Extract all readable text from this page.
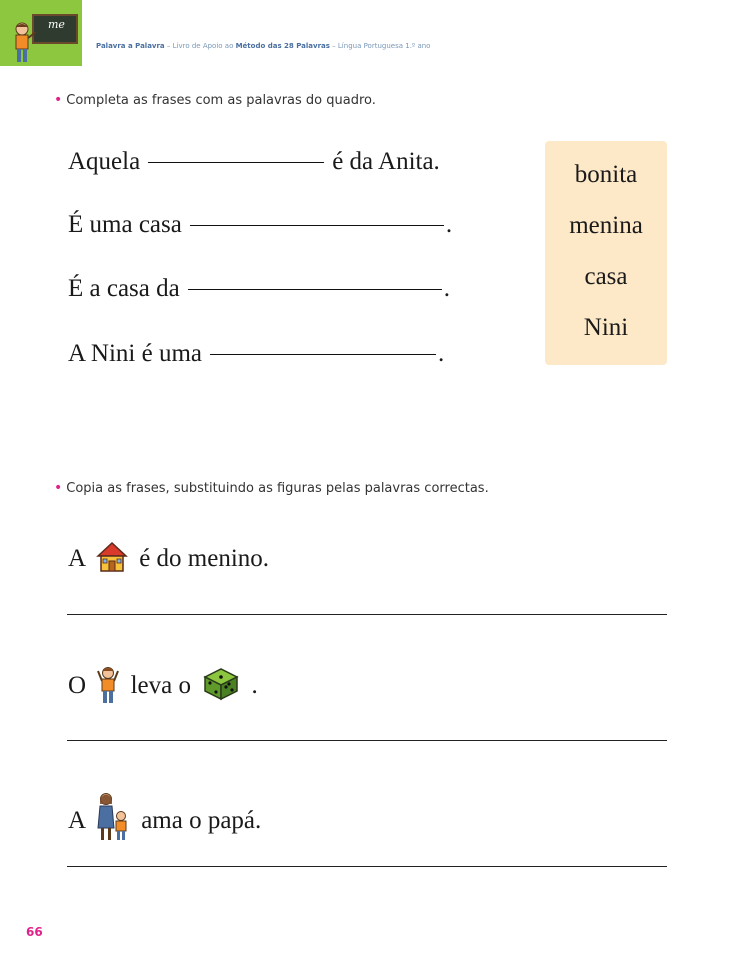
me
Palavra a Palavra – Livro de Apoio ao Método das 28 Palavras – Língua Portuguesa 1.º ano
• Completa as frases com as palavras do quadro.
Aquela	é da Anita.
É uma casa	.
É a casa da	.
A Nini é uma	.
bonita
menina
casa
Nini
• Copia as frases, substituindo as figuras pelas palavras correctas.
A é do menino.
O leva o .
A ama o papá.
66
